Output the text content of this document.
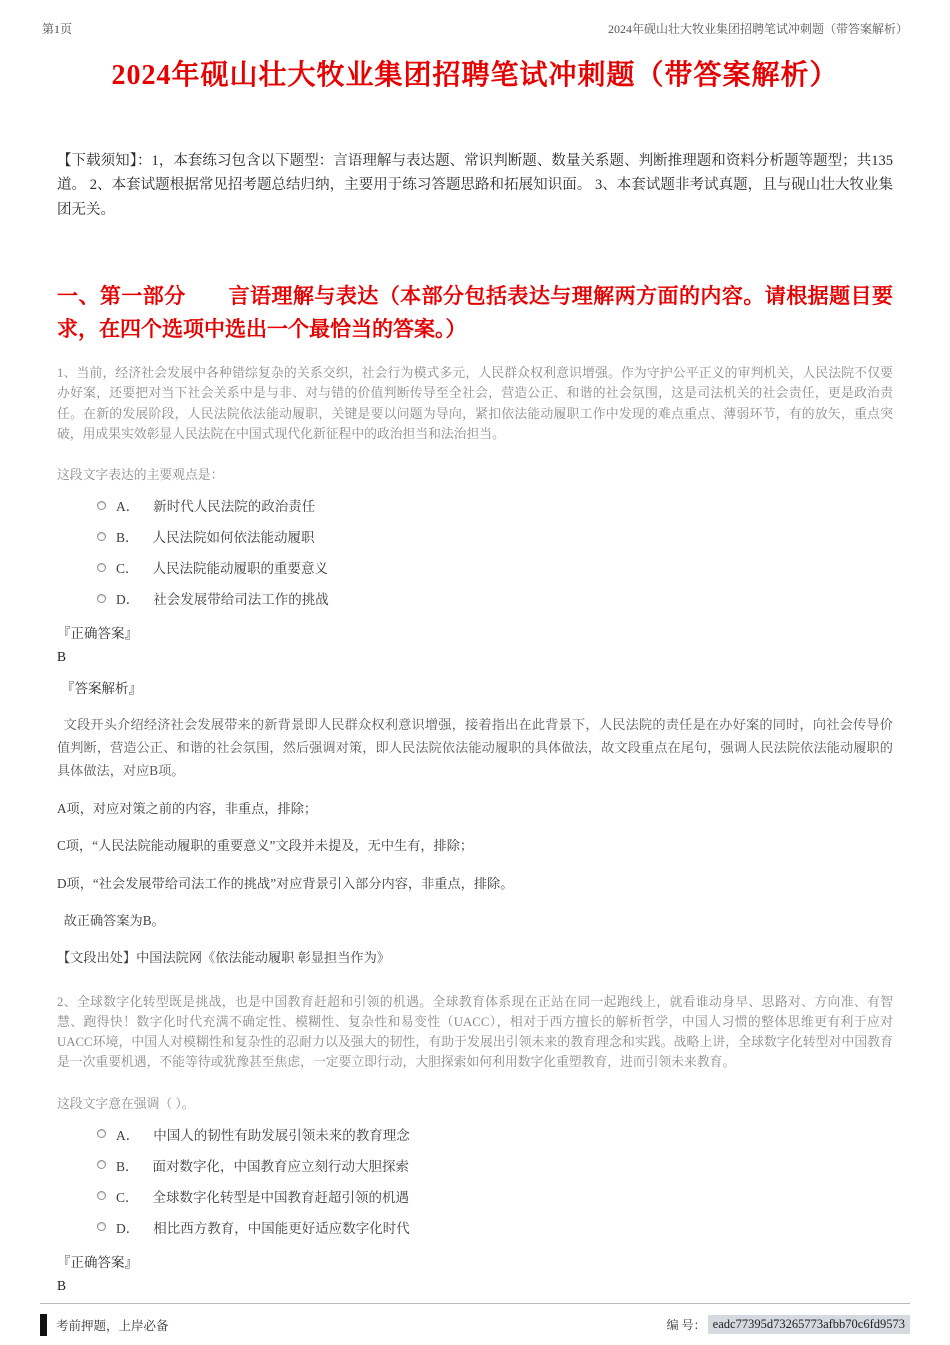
第1页	2024年砚山壮大牧业集团招聘笔试冲刺题（带答案解析）
2024年砚山壮大牧业集团招聘笔试冲刺题（带答案解析）

【下载须知】：1，本套练习包含以下题型：言语理解与表达题、常识判断题、数量关系题、判断推理题和资料分析题等题型；共135道。 2、本套试题根据常见招考题总结归纳，主要用于练习答题思路和拓展知识面。 3、本套试题非考试真题，且与砚山壮大牧业集团无关。

一、第一部分　　言语理解与表达（本部分包括表达与理解两方面的内容。请根据题目要求，在四个选项中选出一个最恰当的答案。）

1、当前，经济社会发展中各种错综复杂的关系交织，社会行为模式多元，人民群众权利意识增强。作为守护公平正义的审判机关，人民法院不仅要办好案，还要把对当下社会关系中是与非、对与错的价值判断传导至全社会，营造公正、和谐的社会氛围，这是司法机关的社会责任，更是政治责任。在新的发展阶段，人民法院依法能动履职，关键是要以问题为导向，紧扣依法能动履职工作中发现的难点重点、薄弱环节，有的放矢，重点突破，用成果实效彰显人民法院在中国式现代化新征程中的政治担当和法治担当。

这段文字表达的主要观点是：

A． 新时代人民法院的政治责任
B． 人民法院如何依法能动履职
C． 人民法院能动履职的重要意义
D． 社会发展带给司法工作的挑战

『正确答案』

B

『答案解析』

文段开头介绍经济社会发展带来的新背景即人民群众权利意识增强，接着指出在此背景下，人民法院的责任是在办好案的同时，向社会传导价值判断，营造公正、和谐的社会氛围，然后强调对策，即人民法院依法能动履职的具体做法，故文段重点在尾句，强调人民法院依法能动履职的具体做法，对应B项。

A项，对应对策之前的内容，非重点，排除；

C项，“人民法院能动履职的重要意义”文段并未提及，无中生有，排除；

D项，“社会发展带给司法工作的挑战”对应背景引入部分内容，非重点，排除。

故正确答案为B。

【文段出处】中国法院网《依法能动履职 彰显担当作为》

2、全球数字化转型既是挑战，也是中国教育赶超和引领的机遇。全球教育体系现在正站在同一起跑线上，就看谁动身早、思路对、方向准、有智慧、跑得快！数字化时代充满不确定性、模糊性、复杂性和易变性（UACC），相对于西方擅长的解析哲学，中国人习惯的整体思维更有利于应对UACC环境，中国人对模糊性和复杂性的忍耐力以及强大的韧性，有助于发展出引领未来的教育理念和实践。战略上讲，全球数字化转型对中国教育是一次重要机遇，不能等待或犹豫甚至焦虑，一定要立即行动，大胆探索如何利用数字化重塑教育，进而引领未来教育。

这段文字意在强调（ ）。

A． 中国人的韧性有助发展引领未来的教育理念
B． 面对数字化，中国教育应立刻行动大胆探索
C． 全球数字化转型是中国教育赶超引领的机遇
D． 相比西方教育，中国能更好适应数字化时代

『正确答案』

B

考前押题，上岸必备	编 号： eadc77395d73265773afbb70c6fd9573
